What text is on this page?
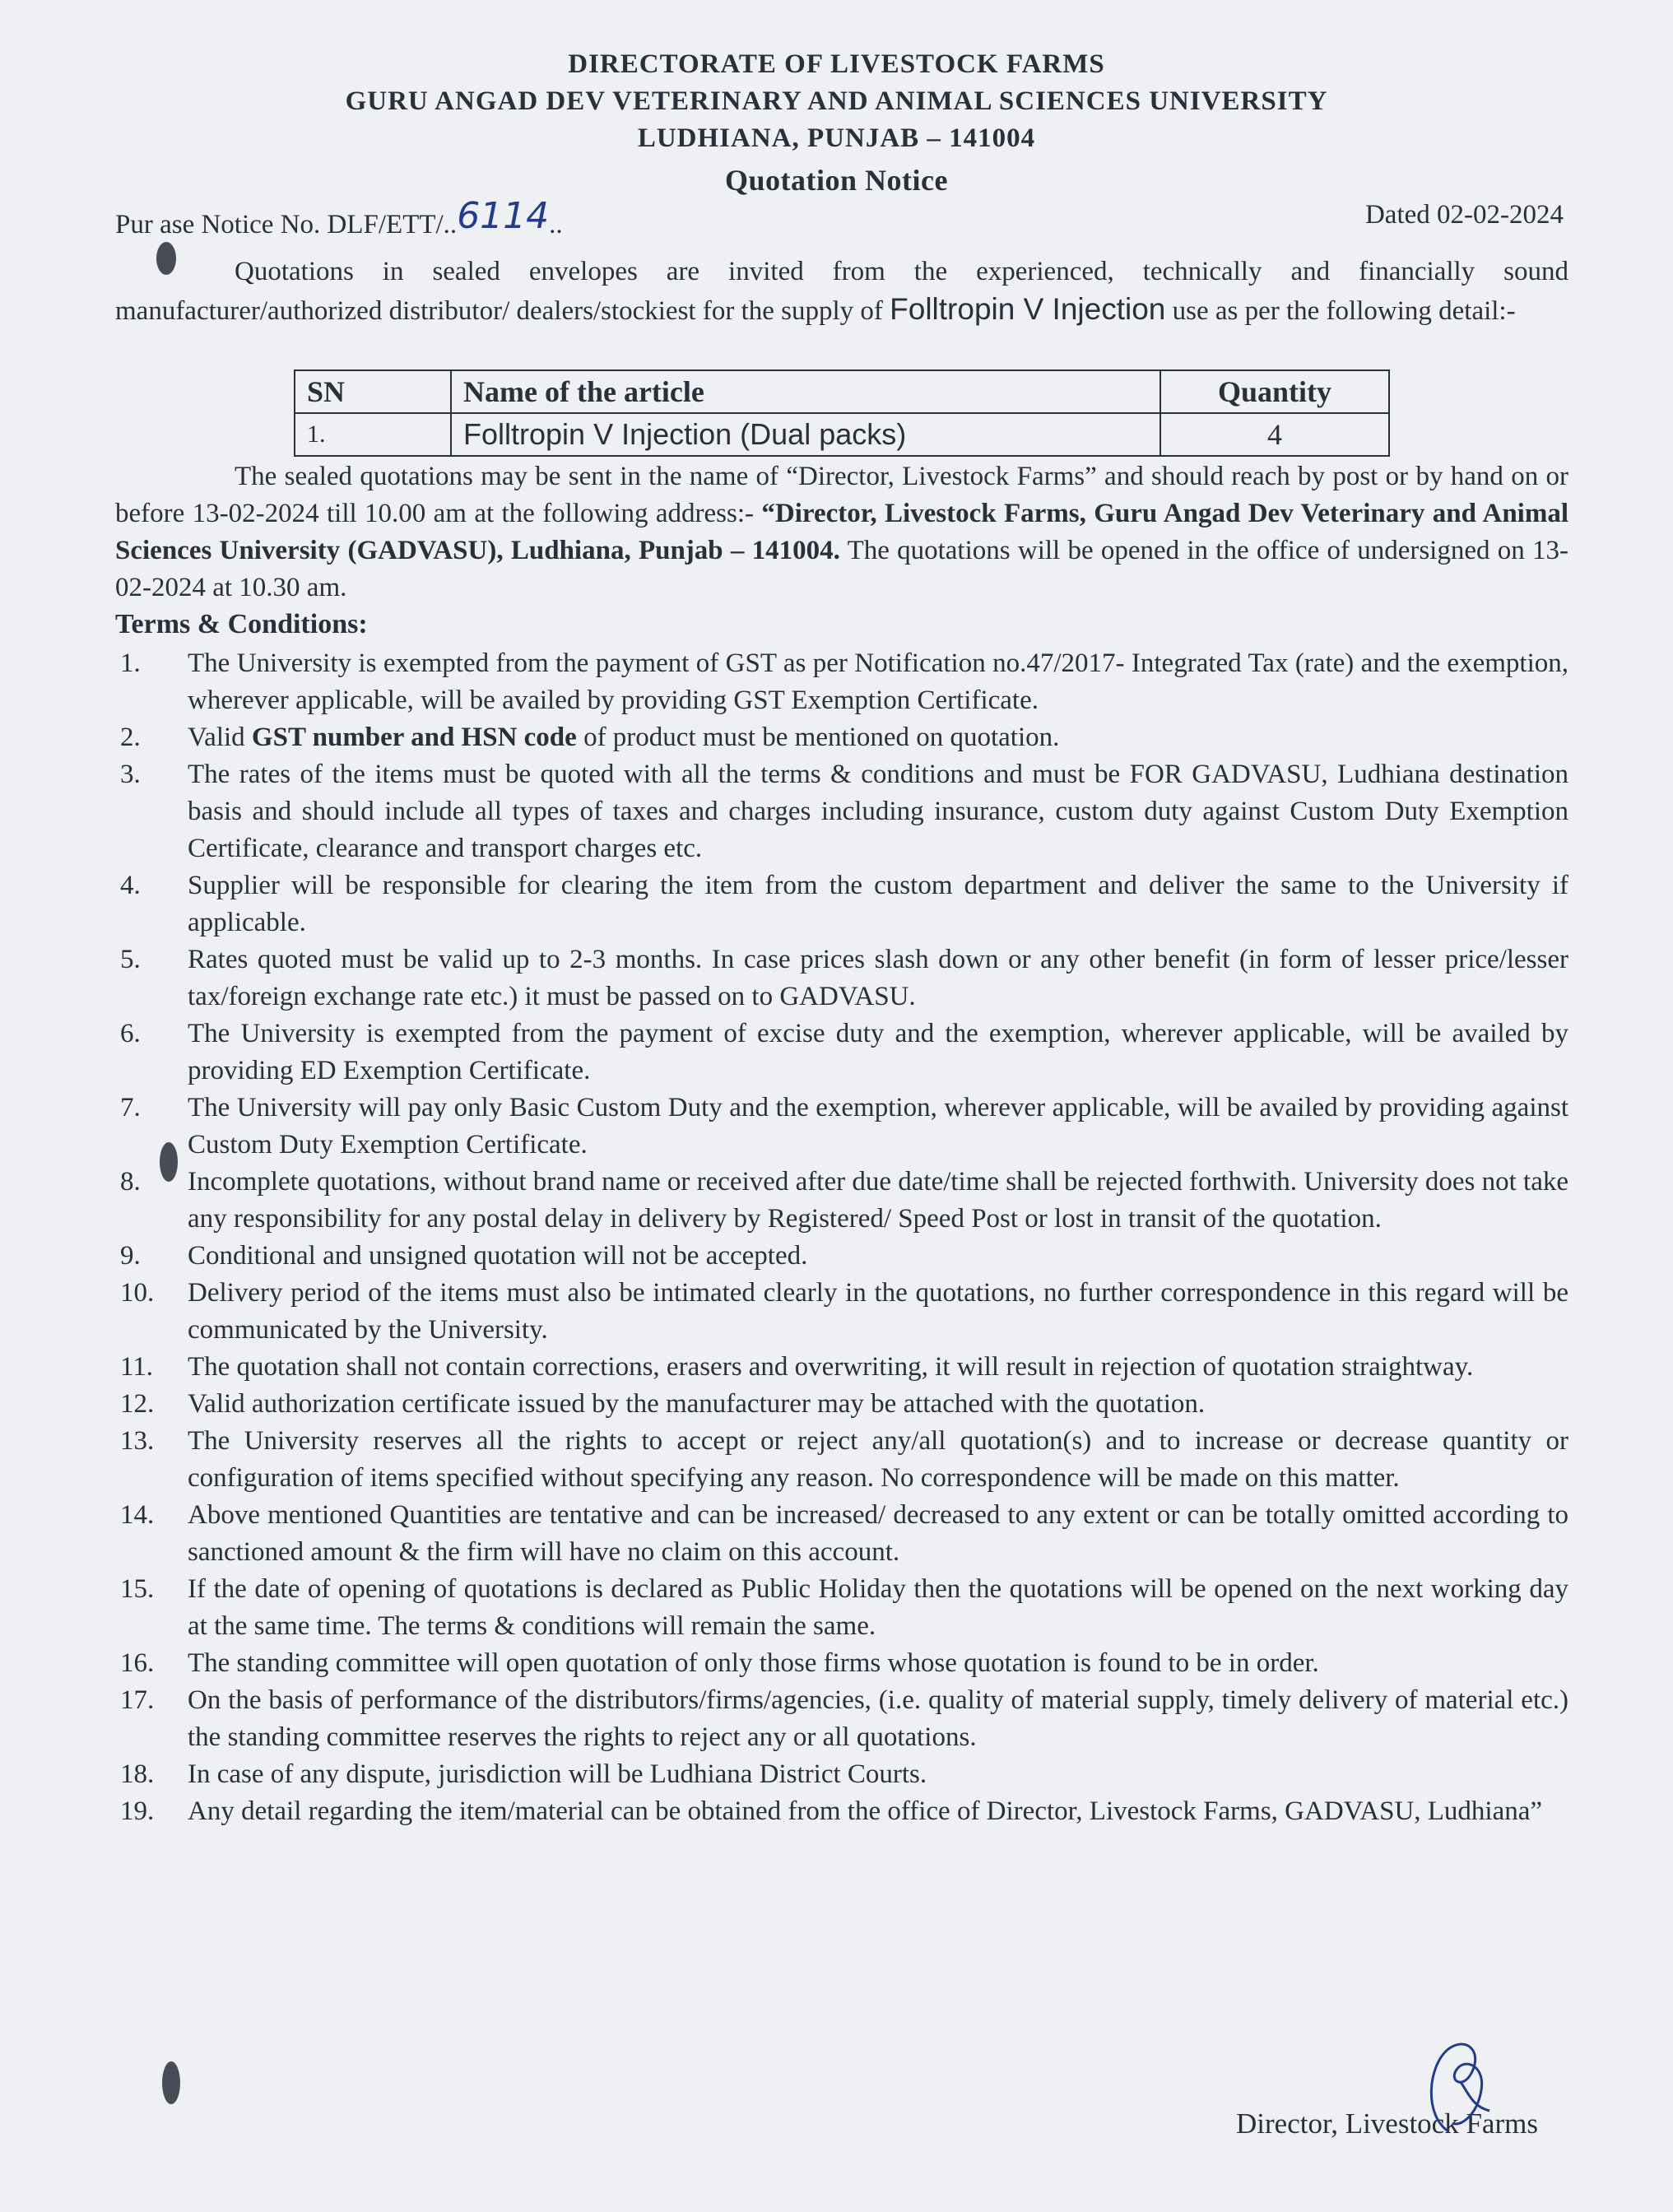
DIRECTORATE OF LIVESTOCK FARMS
GURU ANGAD DEV VETERINARY AND ANIMAL SCIENCES UNIVERSITY
LUDHIANA, PUNJAB – 141004
Quotation Notice
Pur ase Notice No. DLF/ETT/..6114..	Dated 02-02-2024
Quotations in sealed envelopes are invited from the experienced, technically and financially sound manufacturer/authorized distributor/ dealers/stockiest for the supply of Folltropin V Injection use as per the following detail:-
SN	Name of the article	Quantity
1.	Folltropin V Injection (Dual packs)	4
The sealed quotations may be sent in the name of “Director, Livestock Farms” and should reach by post or by hand on or before 13-02-2024 till 10.00 am at the following address:- “Director, Livestock Farms, Guru Angad Dev Veterinary and Animal Sciences University (GADVASU), Ludhiana, Punjab – 141004. The quotations will be opened in the office of undersigned on 13-02-2024 at 10.30 am.
Terms & Conditions:
1.	The University is exempted from the payment of GST as per Notification no.47/2017- Integrated Tax (rate) and the exemption, wherever applicable, will be availed by providing GST Exemption Certificate.
2.	Valid GST number and HSN code of product must be mentioned on quotation.
3.	The rates of the items must be quoted with all the terms & conditions and must be FOR GADVASU, Ludhiana destination basis and should include all types of taxes and charges including insurance, custom duty against Custom Duty Exemption Certificate, clearance and transport charges etc.
4.	Supplier will be responsible for clearing the item from the custom department and deliver the same to the University if applicable.
5.	Rates quoted must be valid up to 2-3 months. In case prices slash down or any other benefit (in form of lesser price/lesser tax/foreign exchange rate etc.) it must be passed on to GADVASU.
6.	The University is exempted from the payment of excise duty and the exemption, wherever applicable, will be availed by providing ED Exemption Certificate.
7.	The University will pay only Basic Custom Duty and the exemption, wherever applicable, will be availed by providing against Custom Duty Exemption Certificate.
8.	Incomplete quotations, without brand name or received after due date/time shall be rejected forthwith. University does not take any responsibility for any postal delay in delivery by Registered/ Speed Post or lost in transit of the quotation.
9.	Conditional and unsigned quotation will not be accepted.
10.	Delivery period of the items must also be intimated clearly in the quotations, no further correspondence in this regard will be communicated by the University.
11.	The quotation shall not contain corrections, erasers and overwriting, it will result in rejection of quotation straightway.
12.	Valid authorization certificate issued by the manufacturer may be attached with the quotation.
13.	The University reserves all the rights to accept or reject any/all quotation(s) and to increase or decrease quantity or configuration of items specified without specifying any reason. No correspondence will be made on this matter.
14.	Above mentioned Quantities are tentative and can be increased/ decreased to any extent or can be totally omitted according to sanctioned amount & the firm will have no claim on this account.
15.	If the date of opening of quotations is declared as Public Holiday then the quotations will be opened on the next working day at the same time. The terms & conditions will remain the same.
16.	The standing committee will open quotation of only those firms whose quotation is found to be in order.
17.	On the basis of performance of the distributors/firms/agencies, (i.e. quality of material supply, timely delivery of material etc.) the standing committee reserves the rights to reject any or all quotations.
18.	In case of any dispute, jurisdiction will be Ludhiana District Courts.
19.	Any detail regarding the item/material can be obtained from the office of Director, Livestock Farms, GADVASU, Ludhiana”
Director, Livestock Farms
